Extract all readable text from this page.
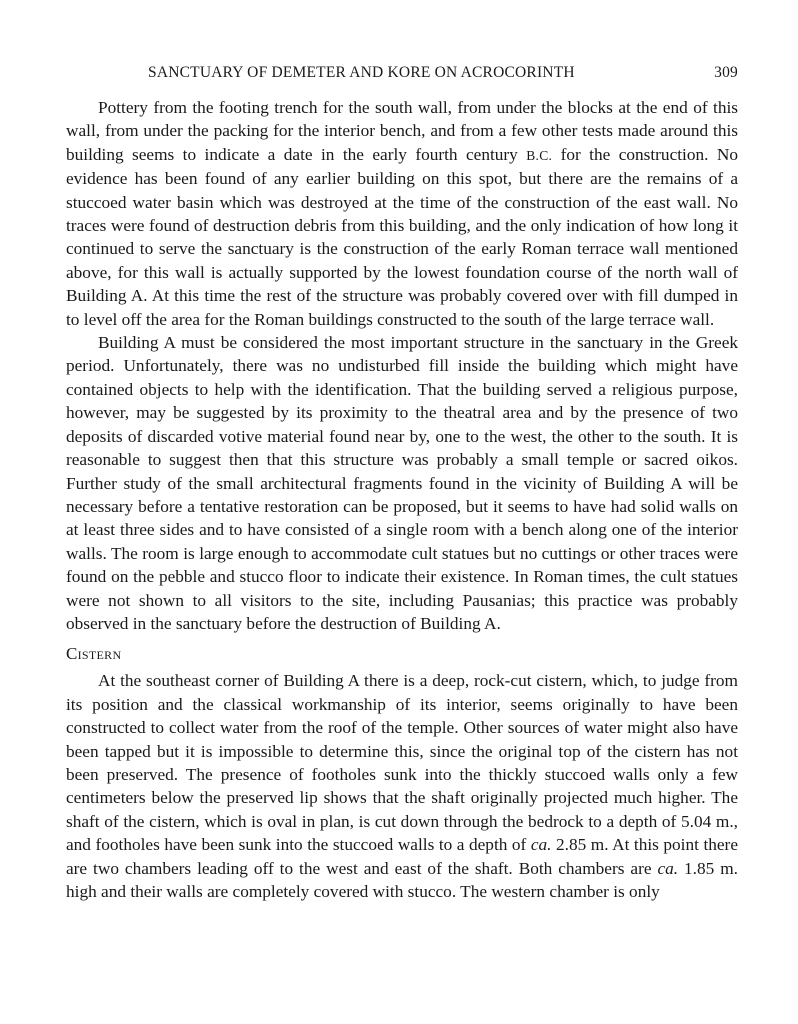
SANCTUARY OF DEMETER AND KORE ON ACROCORINTH	309

Pottery from the footing trench for the south wall, from under the blocks at the end of this wall, from under the packing for the interior bench, and from a few other tests made around this building seems to indicate a date in the early fourth century B.C. for the construction. No evidence has been found of any earlier building on this spot, but there are the remains of a stuccoed water basin which was destroyed at the time of the construction of the east wall. No traces were found of destruction debris from this building, and the only indication of how long it continued to serve the sanctuary is the construction of the early Roman terrace wall mentioned above, for this wall is actually supported by the lowest foundation course of the north wall of Building A. At this time the rest of the structure was probably covered over with fill dumped in to level off the area for the Roman buildings constructed to the south of the large terrace wall.

Building A must be considered the most important structure in the sanctuary in the Greek period. Unfortunately, there was no undisturbed fill inside the building which might have contained objects to help with the identification. That the building served a religious purpose, however, may be suggested by its proximity to the theatral area and by the presence of two deposits of discarded votive material found near by, one to the west, the other to the south. It is reasonable to suggest then that this structure was probably a small temple or sacred oikos. Further study of the small architectural fragments found in the vicinity of Building A will be necessary before a tentative restoration can be proposed, but it seems to have had solid walls on at least three sides and to have consisted of a single room with a bench along one of the interior walls. The room is large enough to accommodate cult statues but no cuttings or other traces were found on the pebble and stucco floor to indicate their existence. In Roman times, the cult statues were not shown to all visitors to the site, including Pausanias; this practice was probably observed in the sanctuary before the destruction of Building A.

Cistern

At the southeast corner of Building A there is a deep, rock-cut cistern, which, to judge from its position and the classical workmanship of its interior, seems originally to have been constructed to collect water from the roof of the temple. Other sources of water might also have been tapped but it is impossible to determine this, since the original top of the cistern has not been preserved. The presence of footholes sunk into the thickly stuccoed walls only a few centimeters below the preserved lip shows that the shaft originally projected much higher. The shaft of the cistern, which is oval in plan, is cut down through the bedrock to a depth of 5.04 m., and footholes have been sunk into the stuccoed walls to a depth of ca. 2.85 m. At this point there are two chambers leading off to the west and east of the shaft. Both chambers are ca. 1.85 m. high and their walls are completely covered with stucco. The western chamber is only
